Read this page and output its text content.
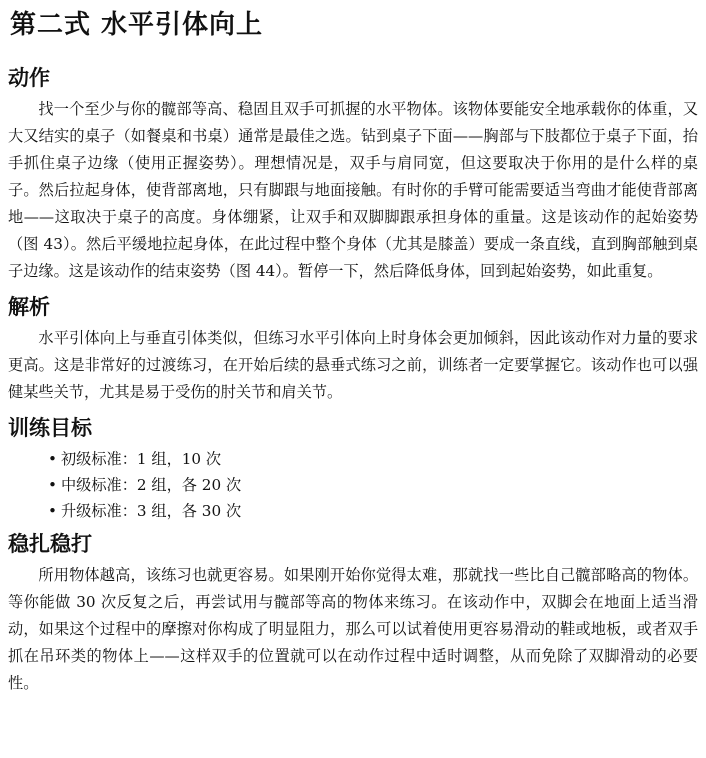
第二式 水平引体向上
动作

找一个至少与你的髋部等高、稳固且双手可抓握的水平物体。该物体要能安全地承载你的体重，又大又结实的桌子（如餐桌和书桌）通常是最佳之选。钻到桌子下面——胸部与下肢都位于桌子下面，抬手抓住桌子边缘（使用正握姿势）。理想情况是，双手与肩同宽，但这要取决于你用的是什么样的桌子。然后拉起身体，使背部离地，只有脚跟与地面接触。有时你的手臂可能需要适当弯曲才能使背部离地——这取决于桌子的高度。身体绷紧，让双手和双脚脚跟承担身体的重量。这是该动作的起始姿势（图 43）。然后平缓地拉起身体，在此过程中整个身体（尤其是膝盖）要成一条直线，直到胸部触到桌子边缘。这是该动作的结束姿势（图 44）。暂停一下，然后降低身体，回到起始姿势，如此重复。

解析

水平引体向上与垂直引体类似，但练习水平引体向上时身体会更加倾斜，因此该动作对力量的要求更高。这是非常好的过渡练习，在开始后续的悬垂式练习之前，训练者一定要掌握它。该动作也可以强健某些关节，尤其是易于受伤的肘关节和肩关节。

训练目标
• 初级标准：1 组，10 次
• 中级标准：2 组，各 20 次
• 升级标准：3 组，各 30 次
稳扎稳打

所用物体越高，该练习也就更容易。如果刚开始你觉得太难，那就找一些比自己髋部略高的物体。等你能做 30 次反复之后，再尝试用与髋部等高的物体来练习。在该动作中，双脚会在地面上适当滑动，如果这个过程中的摩擦对你构成了明显阻力，那么可以试着使用更容易滑动的鞋或地板，或者双手抓在吊环类的物体上——这样双手的位置就可以在动作过程中适时调整，从而免除了双脚滑动的必要性。
